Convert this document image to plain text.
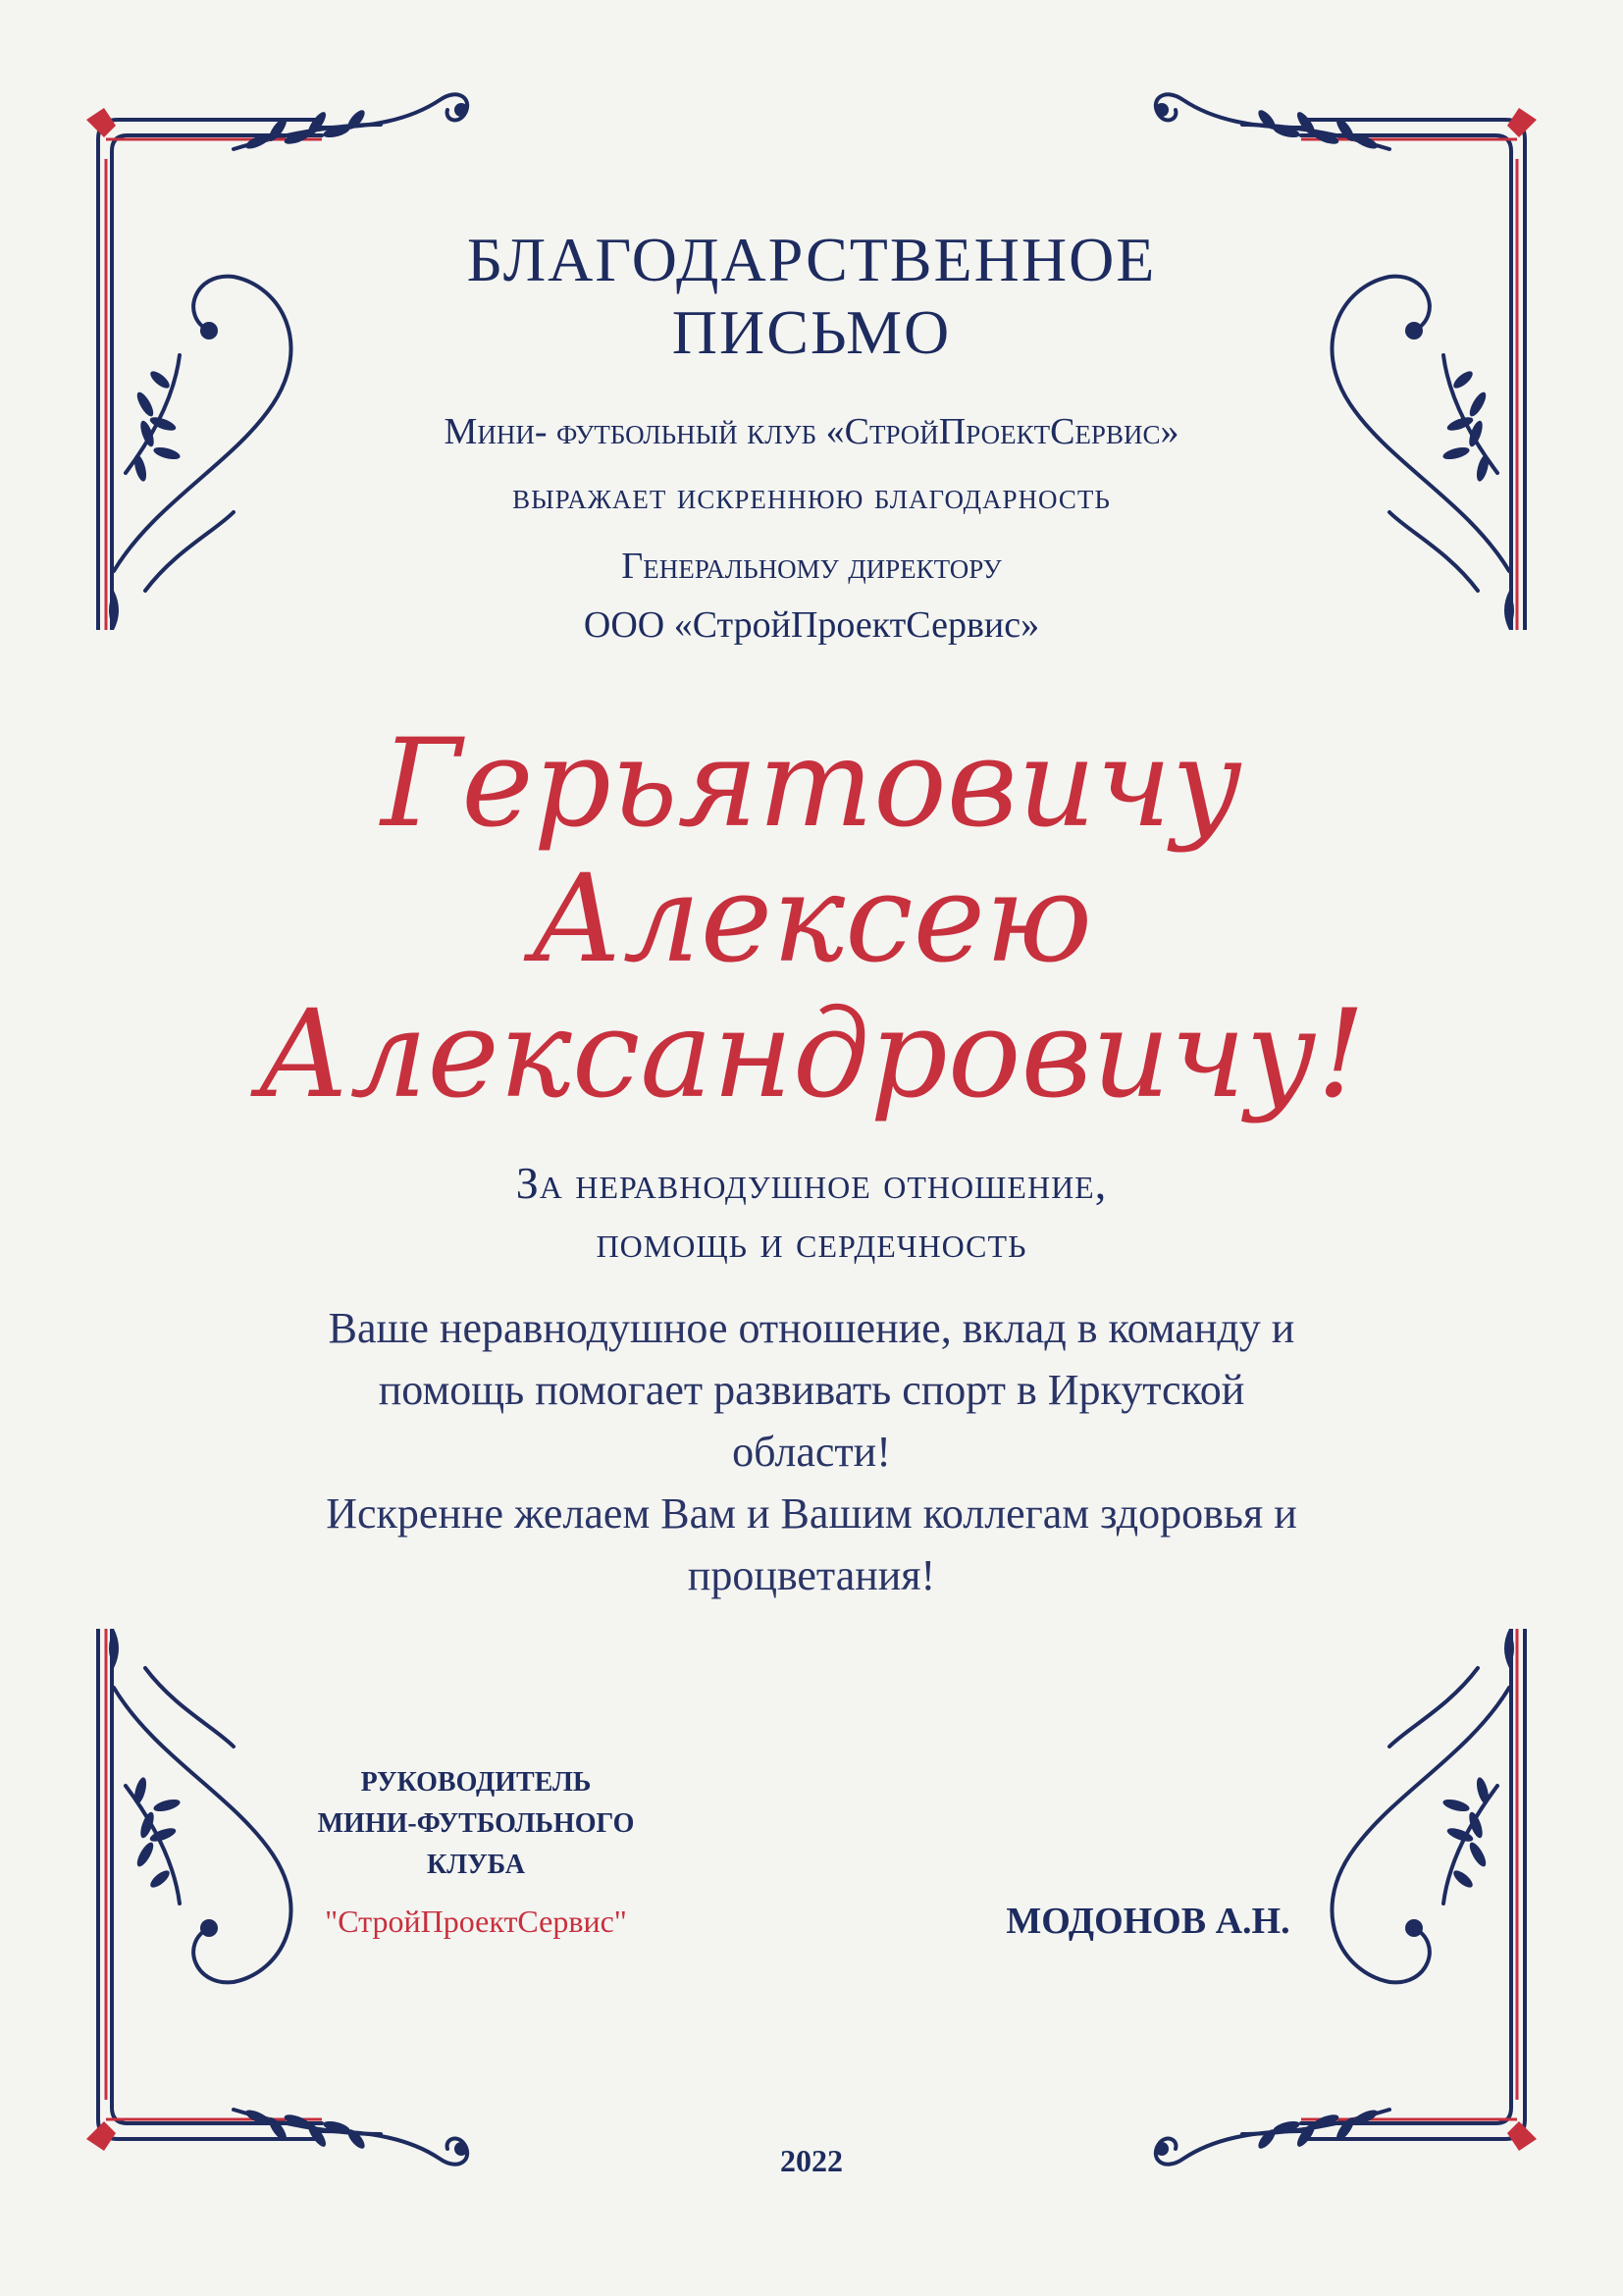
БЛАГОДАРСТВЕННОЕ
ПИСЬМО
Мини- футбольный клуб «СтройПроектСервис»
выражает искреннюю благодарность
Генеральному директору
ООО «СтройПроектСервис»
Герьятовичу
Алексею
Александровичу!
За неравнодушное отношение,
помощь и сердечность
Ваше неравнодушное отношение, вклад в команду и
помощь помогает развивать спорт в Иркутской
области!
Искренне желаем Вам и Вашим коллегам здоровья и
процветания!
РУКОВОДИТЕЛЬ
МИНИ-ФУТБОЛЬНОГО
КЛУБА
"СтройПроектСервис"	МОДОНОВ А.Н.
2022
